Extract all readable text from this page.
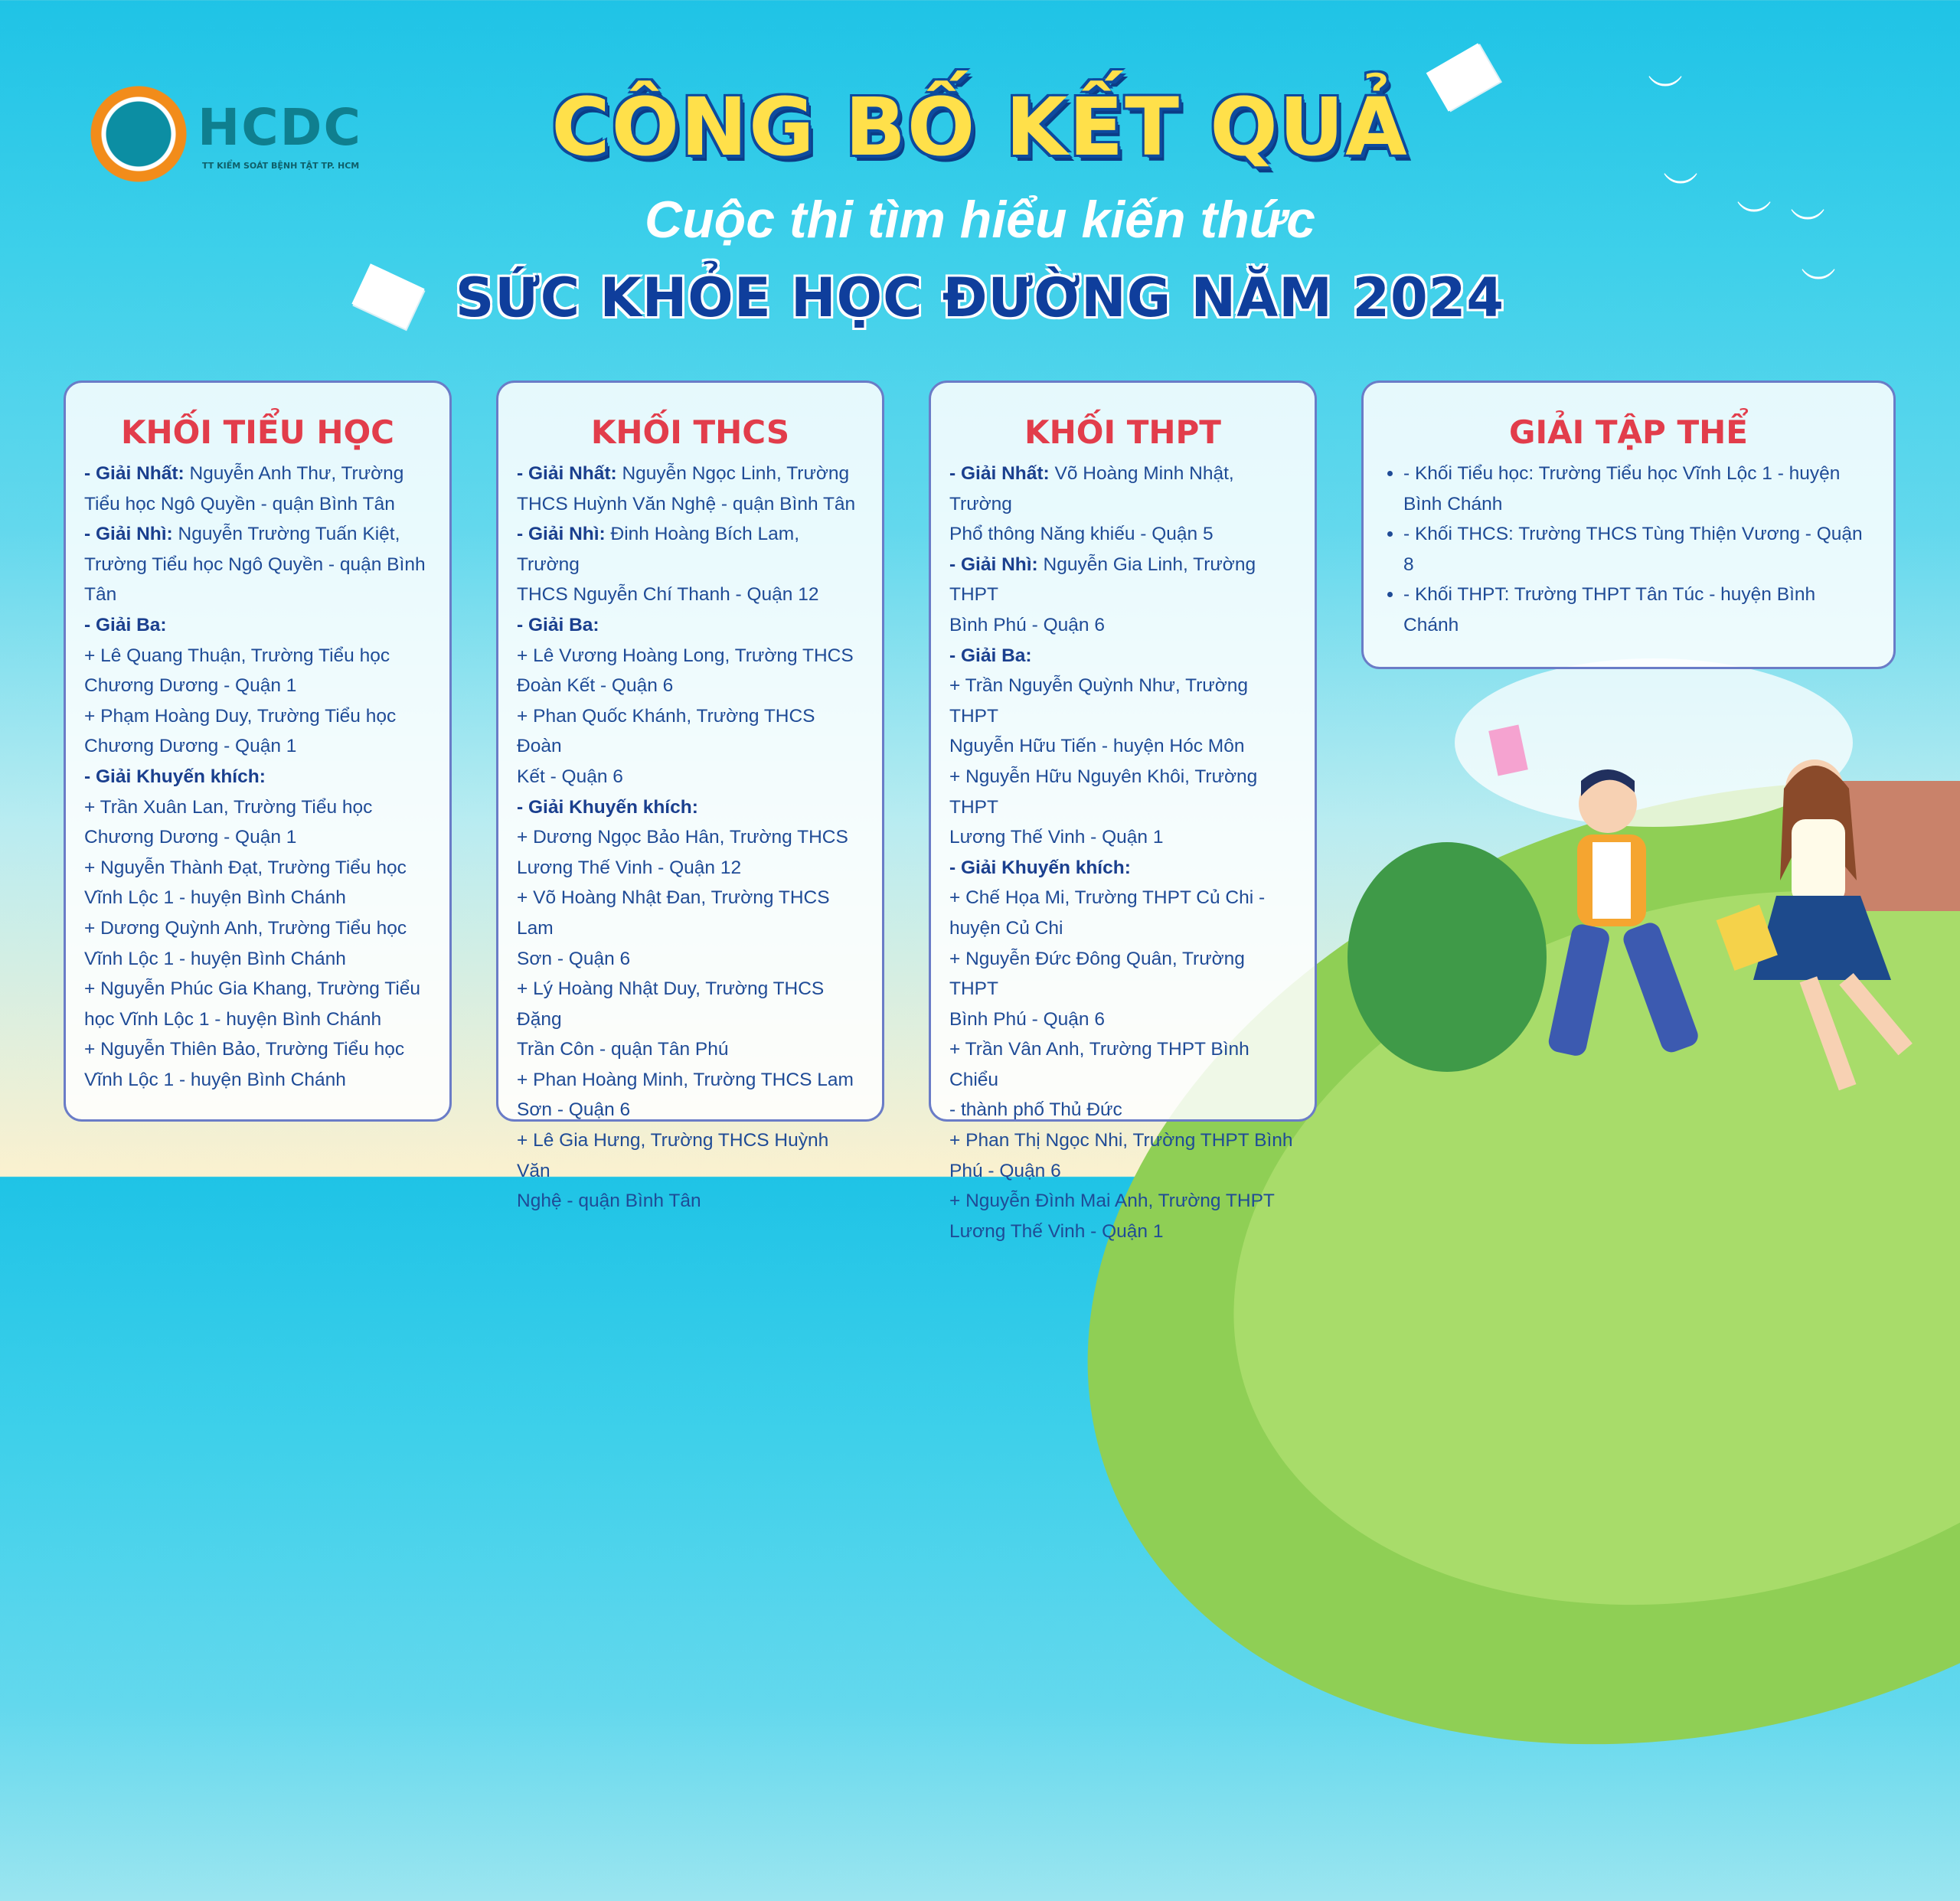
︶
︶
︶ ︶
︶
HCDC
TT KIỂM SOÁT BỆNH TẬT TP. HCM	CÔNG BỐ KẾT QUẢ
Cuộc thi tìm hiểu kiến thức
SỨC KHỎE HỌC ĐƯỜNG NĂM 2024
KHỐI TIỂU HỌC
- Giải Nhất: Nguyễn Anh Thư, Trường
Tiểu học Ngô Quyền - quận Bình Tân
- Giải Nhì: Nguyễn Trường Tuấn Kiệt,
Trường Tiểu học Ngô Quyền - quận Bình
Tân
- Giải Ba:
+ Lê Quang Thuận, Trường Tiểu học
Chương Dương - Quận 1
+ Phạm Hoàng Duy, Trường Tiểu học
Chương Dương - Quận 1
- Giải Khuyến khích:
+ Trần Xuân Lan, Trường Tiểu học
Chương Dương - Quận 1
+ Nguyễn Thành Đạt, Trường Tiểu học
Vĩnh Lộc 1 - huyện Bình Chánh
+ Dương Quỳnh Anh, Trường Tiểu học
Vĩnh Lộc 1 - huyện Bình Chánh
+ Nguyễn Phúc Gia Khang, Trường Tiểu
học Vĩnh Lộc 1 - huyện Bình Chánh
+ Nguyễn Thiên Bảo, Trường Tiểu học
Vĩnh Lộc 1 - huyện Bình Chánh
KHỐI THCS
- Giải Nhất: Nguyễn Ngọc Linh, Trường
THCS Huỳnh Văn Nghệ - quận Bình Tân
- Giải Nhì: Đinh Hoàng Bích Lam, Trường
THCS Nguyễn Chí Thanh - Quận 12
- Giải Ba:
+ Lê Vương Hoàng Long, Trường THCS
Đoàn Kết - Quận 6
+ Phan Quốc Khánh, Trường THCS Đoàn
Kết - Quận 6
- Giải Khuyến khích:
+ Dương Ngọc Bảo Hân, Trường THCS
Lương Thế Vinh - Quận 12
+ Võ Hoàng Nhật Đan, Trường THCS Lam
Sơn - Quận 6
+ Lý Hoàng Nhật Duy, Trường THCS Đặng
Trần Côn - quận Tân Phú
+ Phan Hoàng Minh, Trường THCS Lam
Sơn - Quận 6
+ Lê Gia Hưng, Trường THCS Huỳnh Văn
Nghệ - quận Bình Tân
KHỐI THPT
- Giải Nhất: Võ Hoàng Minh Nhật, Trường
Phổ thông Năng khiếu - Quận 5
- Giải Nhì: Nguyễn Gia Linh, Trường THPT
Bình Phú - Quận 6
- Giải Ba:
+ Trần Nguyễn Quỳnh Như, Trường THPT
Nguyễn Hữu Tiến - huyện Hóc Môn
+ Nguyễn Hữu Nguyên Khôi, Trường THPT
Lương Thế Vinh - Quận 1
- Giải Khuyến khích:
+ Chế Họa Mi, Trường THPT Củ Chi -
huyện Củ Chi
+ Nguyễn Đức Đông Quân, Trường THPT
Bình Phú - Quận 6
+ Trần Vân Anh, Trường THPT Bình Chiểu
- thành phố Thủ Đức
+ Phan Thị Ngọc Nhi, Trường THPT Bình
Phú - Quận 6
+ Nguyễn Đình Mai Anh, Trường THPT
Lương Thế Vinh - Quận 1
GIẢI TẬP THỂ
- Khối Tiểu học: Trường Tiểu học Vĩnh Lộc 1 - huyện Bình Chánh
- Khối THCS: Trường THCS Tùng Thiện Vương - Quận 8
- Khối THPT: Trường THPT Tân Túc - huyện Bình Chánh
